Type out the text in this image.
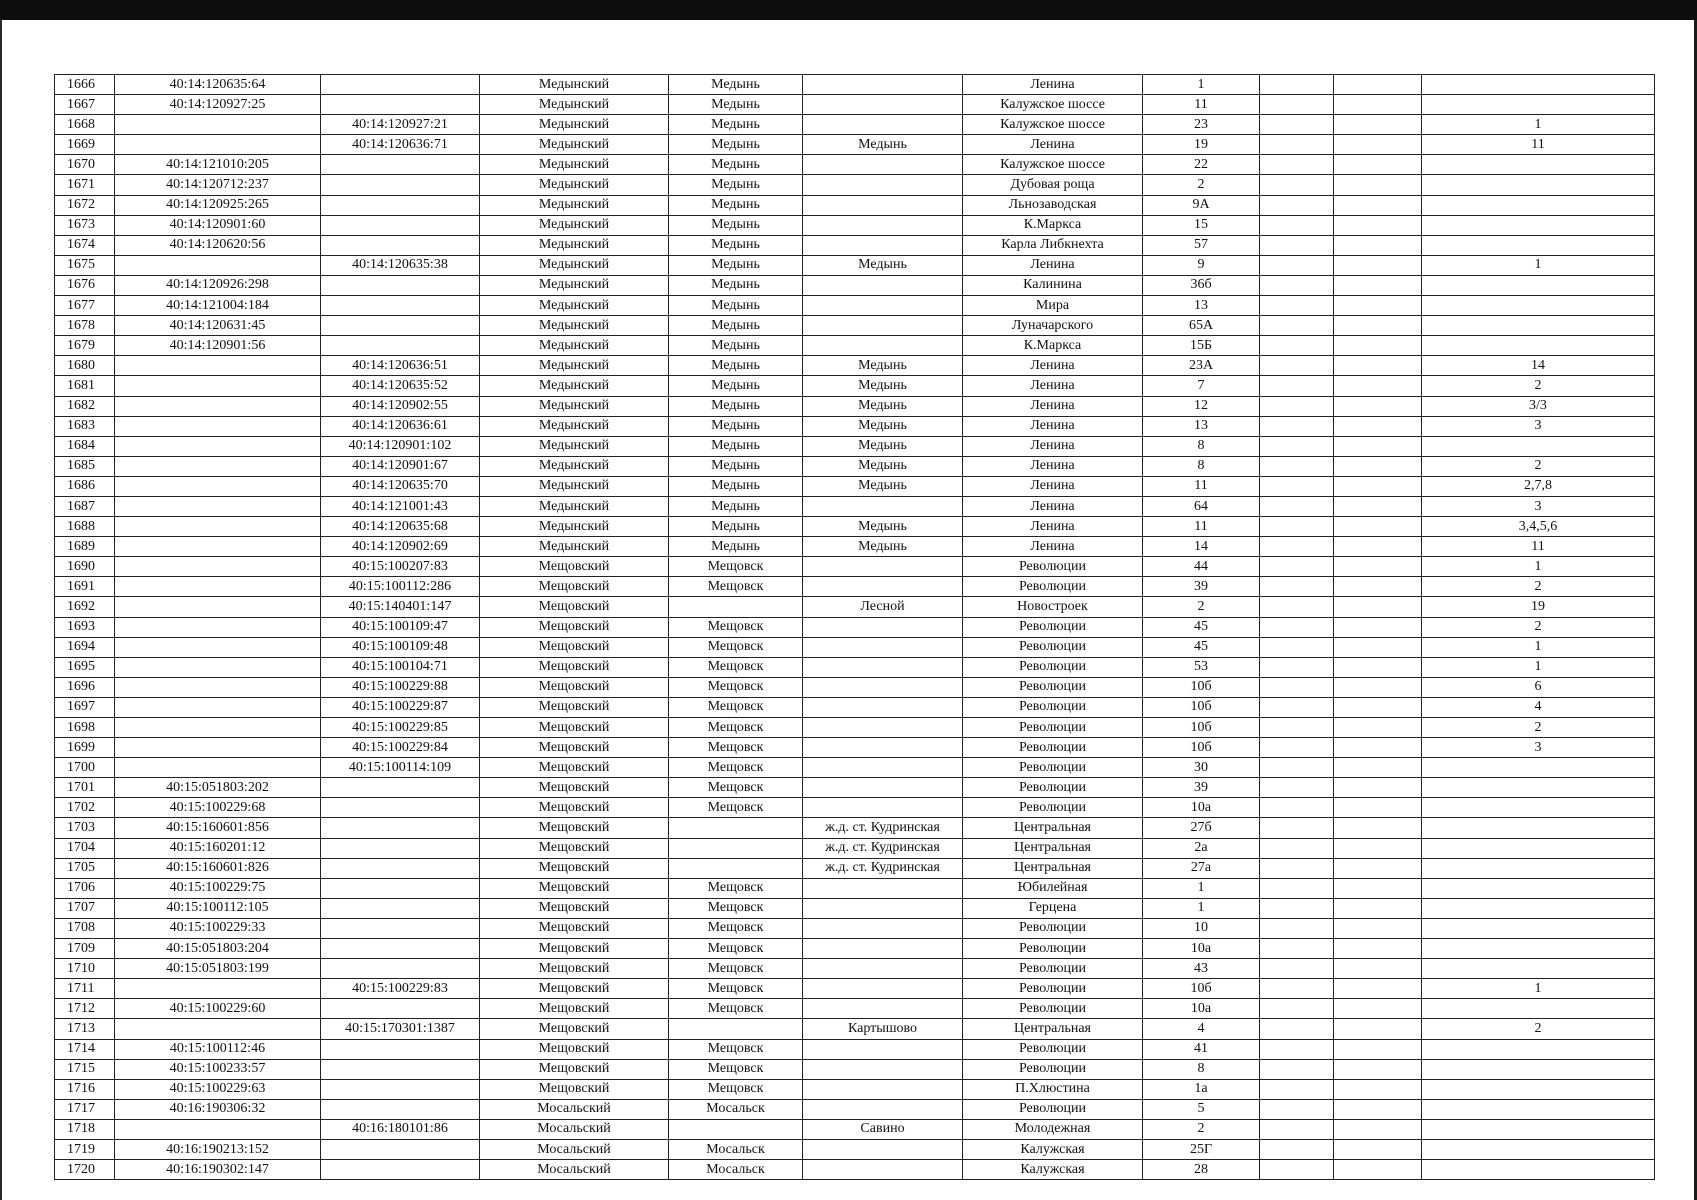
1666	40:14:120635:64		Медынский	Медынь		Ленина	1			
1667	40:14:120927:25		Медынский	Медынь		Калужское шоссе	11			
1668		40:14:120927:21	Медынский	Медынь		Калужское шоссе	23			1
1669		40:14:120636:71	Медынский	Медынь	Медынь	Ленина	19			11
1670	40:14:121010:205		Медынский	Медынь		Калужское шоссе	22			
1671	40:14:120712:237		Медынский	Медынь		Дубовая роща	2			
1672	40:14:120925:265		Медынский	Медынь		Льнозаводская	9А			
1673	40:14:120901:60		Медынский	Медынь		К.Маркса	15			
1674	40:14:120620:56		Медынский	Медынь		Карла Либкнехта	57			
1675		40:14:120635:38	Медынский	Медынь	Медынь	Ленина	9			1
1676	40:14:120926:298		Медынский	Медынь		Калинина	36б			
1677	40:14:121004:184		Медынский	Медынь		Мира	13			
1678	40:14:120631:45		Медынский	Медынь		Луначарского	65А			
1679	40:14:120901:56		Медынский	Медынь		К.Маркса	15Б			
1680		40:14:120636:51	Медынский	Медынь	Медынь	Ленина	23А			14
1681		40:14:120635:52	Медынский	Медынь	Медынь	Ленина	7			2
1682		40:14:120902:55	Медынский	Медынь	Медынь	Ленина	12			3/3
1683		40:14:120636:61	Медынский	Медынь	Медынь	Ленина	13			3
1684		40:14:120901:102	Медынский	Медынь	Медынь	Ленина	8			
1685		40:14:120901:67	Медынский	Медынь	Медынь	Ленина	8			2
1686		40:14:120635:70	Медынский	Медынь	Медынь	Ленина	11			2,7,8
1687		40:14:121001:43	Медынский	Медынь		Ленина	64			3
1688		40:14:120635:68	Медынский	Медынь	Медынь	Ленина	11			3,4,5,6
1689		40:14:120902:69	Медынский	Медынь	Медынь	Ленина	14			11
1690		40:15:100207:83	Мещовский	Мещовск		Революции	44			1
1691		40:15:100112:286	Мещовский	Мещовск		Революции	39			2
1692		40:15:140401:147	Мещовский		Лесной	Новостроек	2			19
1693		40:15:100109:47	Мещовский	Мещовск		Революции	45			2
1694		40:15:100109:48	Мещовский	Мещовск		Революции	45			1
1695		40:15:100104:71	Мещовский	Мещовск		Революции	53			1
1696		40:15:100229:88	Мещовский	Мещовск		Революции	10б			6
1697		40:15:100229:87	Мещовский	Мещовск		Революции	10б			4
1698		40:15:100229:85	Мещовский	Мещовск		Революции	10б			2
1699		40:15:100229:84	Мещовский	Мещовск		Революции	10б			3
1700		40:15:100114:109	Мещовский	Мещовск		Революции	30			
1701	40:15:051803:202		Мещовский	Мещовск		Революции	39			
1702	40:15:100229:68		Мещовский	Мещовск		Революции	10а			
1703	40:15:160601:856		Мещовский		ж.д. ст. Кудринская	Центральная	27б			
1704	40:15:160201:12		Мещовский		ж.д. ст. Кудринская	Центральная	2а			
1705	40:15:160601:826		Мещовский		ж.д. ст. Кудринская	Центральная	27а			
1706	40:15:100229:75		Мещовский	Мещовск		Юбилейная	1			
1707	40:15:100112:105		Мещовский	Мещовск		Герцена	1			
1708	40:15:100229:33		Мещовский	Мещовск		Революции	10			
1709	40:15:051803:204		Мещовский	Мещовск		Революции	10а			
1710	40:15:051803:199		Мещовский	Мещовск		Революции	43			
1711		40:15:100229:83	Мещовский	Мещовск		Революции	10б			1
1712	40:15:100229:60		Мещовский	Мещовск		Революции	10а			
1713		40:15:170301:1387	Мещовский		Картышово	Центральная	4			2
1714	40:15:100112:46		Мещовский	Мещовск		Революции	41			
1715	40:15:100233:57		Мещовский	Мещовск		Революции	8			
1716	40:15:100229:63		Мещовский	Мещовск		П.Хлюстина	1а			
1717	40:16:190306:32		Мосальский	Мосальск		Революции	5			
1718		40:16:180101:86	Мосальский		Савино	Молодежная	2			
1719	40:16:190213:152		Мосальский	Мосальск		Калужская	25Г			
1720	40:16:190302:147		Мосальский	Мосальск		Калужская	28			
